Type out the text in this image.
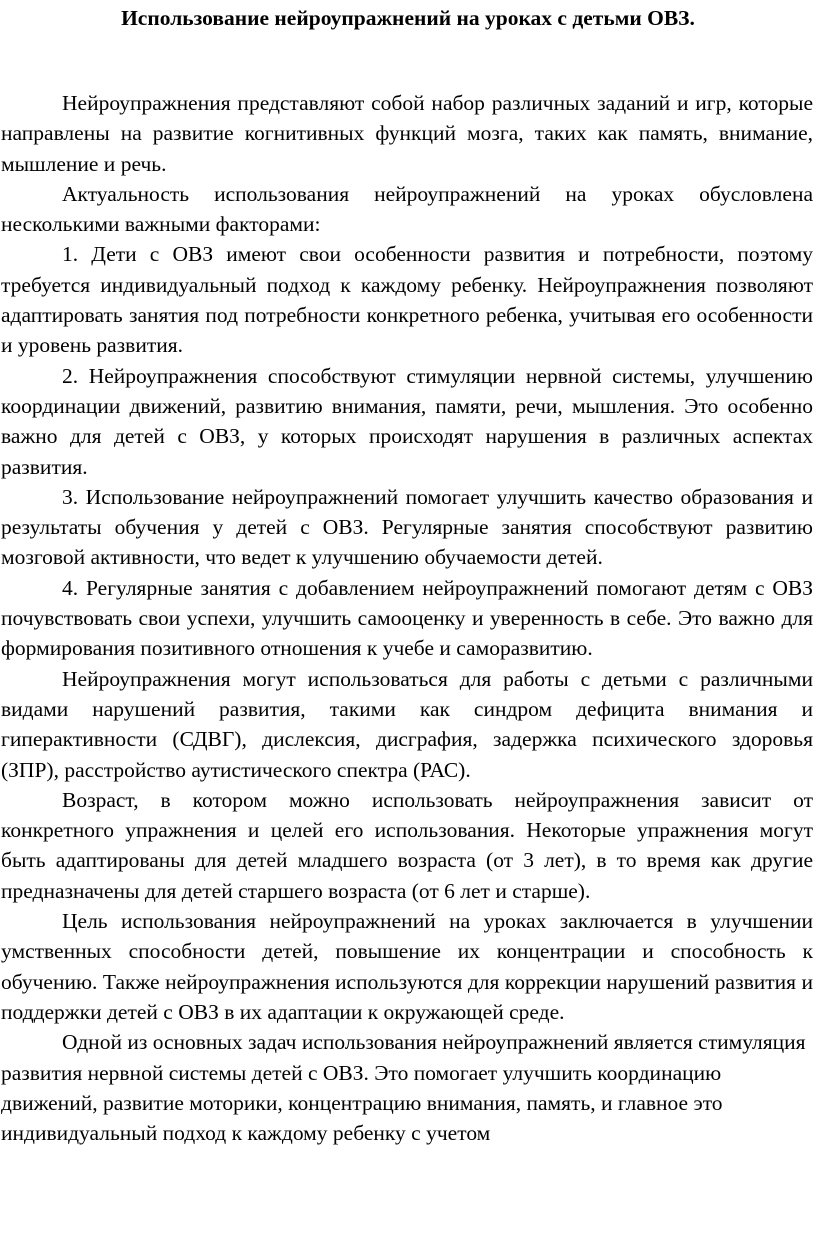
Использование нейроупражнений на уроках с детьми ОВЗ.

Нейроупражнения представляют собой набор различных заданий и игр, которые направлены на развитие когнитивных функций мозга, таких как память, внимание, мышление и речь.

Актуальность использования нейроупражнений на уроках обусловлена несколькими важными факторами:

1. Дети с ОВЗ имеют свои особенности развития и потребности, поэтому требуется индивидуальный подход к каждому ребенку. Нейроупражнения позволяют адаптировать занятия под потребности конкретного ребенка, учитывая его особенности и уровень развития.

2. Нейроупражнения способствуют стимуляции нервной системы, улучшению координации движений, развитию внимания, памяти, речи, мышления. Это особенно важно для детей с ОВЗ, у которых происходят нарушения в различных аспектах развития.

3. Использование нейроупражнений помогает улучшить качество образования и результаты обучения у детей с ОВЗ. Регулярные занятия способствуют развитию мозговой активности, что ведет к улучшению обучаемости детей.

4. Регулярные занятия с добавлением нейроупражнений помогают детям с ОВЗ почувствовать свои успехи, улучшить самооценку и уверенность в себе. Это важно для формирования позитивного отношения к учебе и саморазвитию.

Нейроупражнения могут использоваться для работы с детьми с различными видами нарушений развития, такими как синдром дефицита внимания и гиперактивности (СДВГ), дислексия, дисграфия, задержка психического здоровья (ЗПР), расстройство аутистического спектра (РАС).

Возраст, в котором можно использовать нейроупражнения зависит от конкретного упражнения и целей его использования. Некоторые упражнения могут быть адаптированы для детей младшего возраста (от 3 лет), в то время как другие предназначены для детей старшего возраста (от 6 лет и старше).

Цель использования нейроупражнений на уроках заключается в улучшении умственных способности детей, повышение их концентрации и способность к обучению. Также нейроупражнения используются для коррекции нарушений развития и поддержки детей с ОВЗ в их адаптации к окружающей среде.

Одной из основных задач использования нейроупражнений является стимуляция развития нервной системы детей с ОВЗ. Это помогает улучшить координацию движений, развитие моторики, концентрацию внимания, память, и главное это индивидуальный подход к каждому ребенку с учетом
